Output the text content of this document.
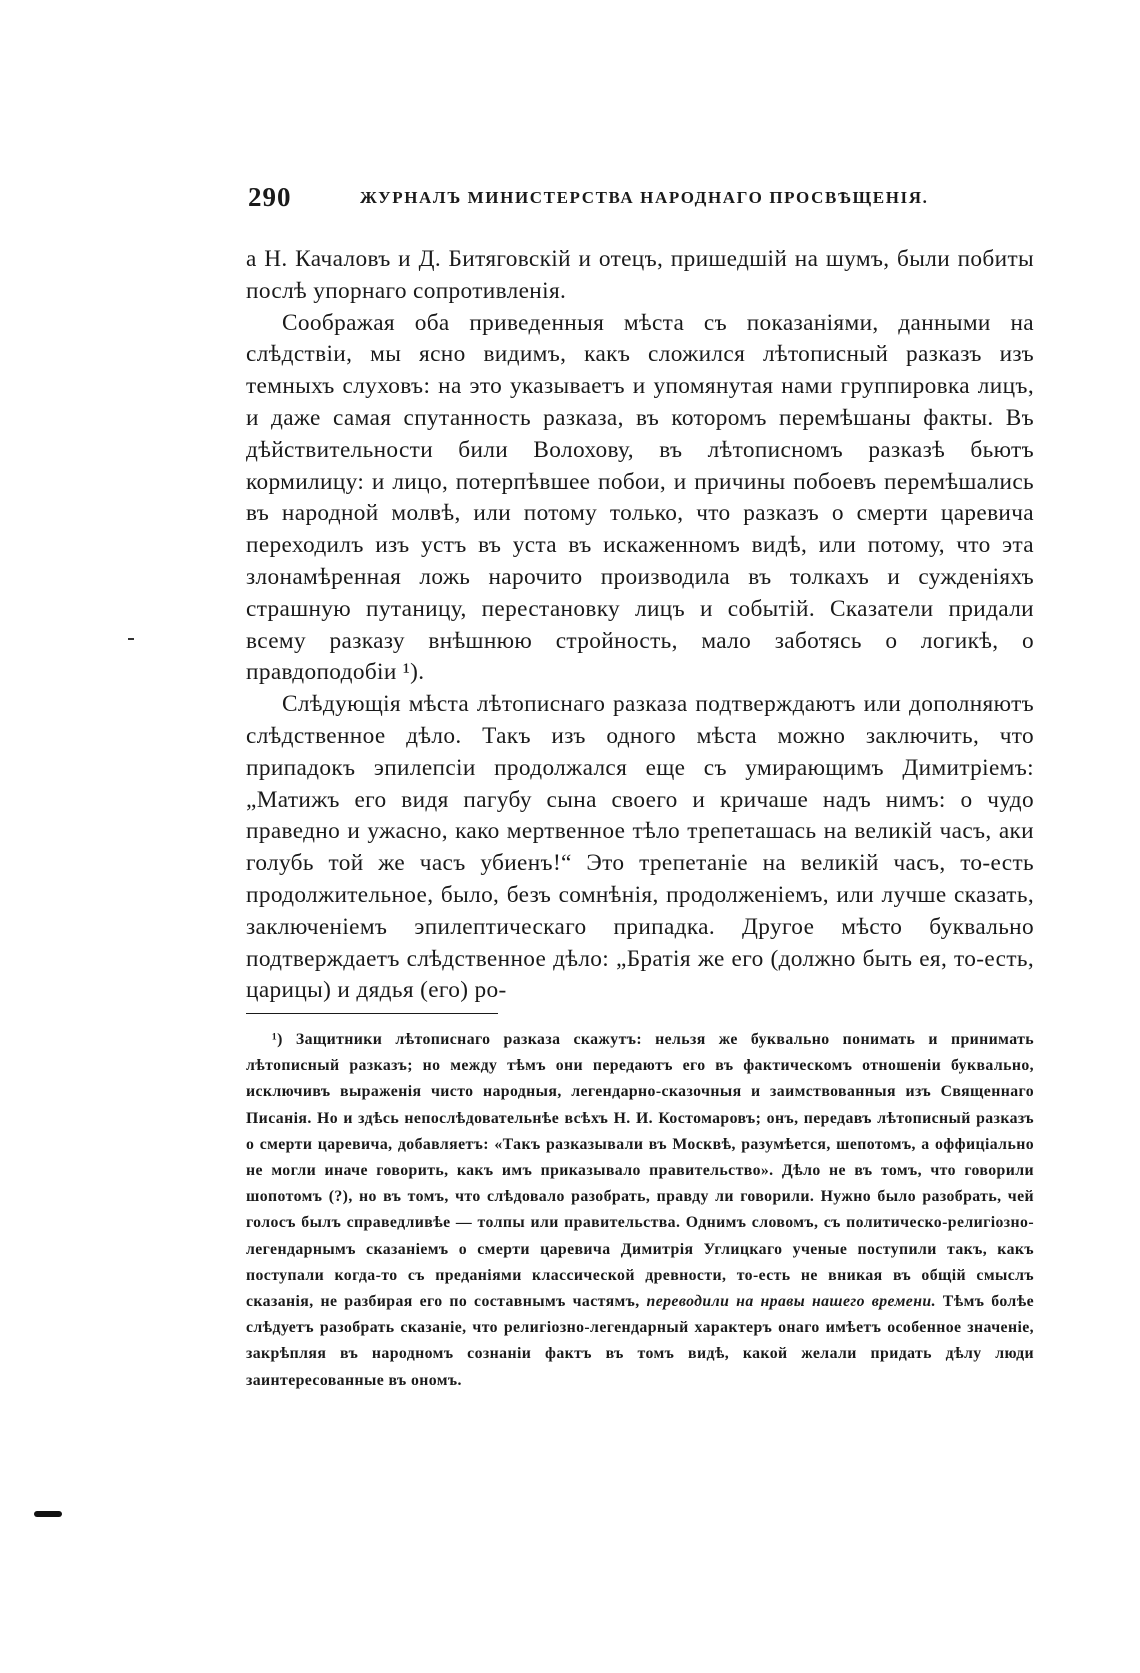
290	ЖУРНАЛЪ МИНИСТЕРСТВА НАРОДНАГО ПРОСВѢЩЕНІЯ.

а Н. Качаловъ и Д. Битяговскій и отецъ, пришедшій на шумъ, были побиты послѣ упорнаго сопротивленія.

Соображая оба приведенныя мѣста съ показаніями, данными на слѣдствіи, мы ясно видимъ, какъ сложился лѣтописный разказъ изъ темныхъ слуховъ: на это указываетъ и упомянутая нами группировка лицъ, и даже самая спутанность разказа, въ которомъ перемѣшаны факты. Въ дѣйствительности били Волохову, въ лѣтописномъ разказѣ бьютъ кормилицу: и лицо, потерпѣвшее побои, и причины побоевъ перемѣшались въ народной молвѣ, или потому только, что разказъ о смерти царевича переходилъ изъ устъ въ уста въ искаженномъ видѣ, или потому, что эта злонамѣренная ложь нарочито производила въ толкахъ и сужденіяхъ страшную путаницу, перестановку лицъ и событій. Сказатели придали всему разказу внѣшнюю стройность, мало заботясь о логикѣ, о правдоподобіи ¹).

Слѣдующія мѣста лѣтописнаго разказа подтверждаютъ или дополняютъ слѣдственное дѣло. Такъ изъ одного мѣста можно заключить, что припадокъ эпилепсіи продолжался еще съ умирающимъ Димитріемъ: „Матижъ его видя пагубу сына своего и кричаше надъ нимъ: о чудо праведно и ужасно, како мертвенное тѣло трепеташась на великій часъ, аки голубь той же часъ убиенъ!“ Это трепетаніе на великій часъ, то-есть продолжительное, было, безъ сомнѣнія, продолженіемъ, или лучше сказать, заключеніемъ эпилептическаго припадка. Другое мѣсто буквально подтверждаетъ слѣдственное дѣло: „Братія же его (должно быть ея, то-есть, царицы) и дядья (его) ро-

¹) Защитники лѣтописнаго разказа скажутъ: нельзя же буквально понимать и принимать лѣтописный разказъ; но между тѣмъ они передаютъ его въ фактическомъ отношеніи буквально, исключивъ выраженія чисто народныя, легендарно-сказочныя и заимствованныя изъ Священнаго Писанія. Но и здѣсь непослѣдовательнѣе всѣхъ Н. И. Костомаровъ; онъ, передавъ лѣтописный разказъ о смерти царевича, добавляетъ: «Такъ разказывали въ Москвѣ, разумѣется, шепотомъ, а оффиціально не могли иначе говорить, какъ имъ приказывало правительство». Дѣло не въ томъ, что говорили шопотомъ (?), но въ томъ, что слѣдовало разобрать, правду ли говорили. Нужно было разобрать, чей голосъ былъ справедливѣе — толпы или правительства. Однимъ словомъ, съ политическо-религіозно-легендарнымъ сказаніемъ о смерти царевича Димитрія Углицкаго ученые поступили такъ, какъ поступали когда-то съ преданіями классической древности, то-есть не вникая въ общій смыслъ сказанія, не разбирая его по составнымъ частямъ, переводили на нравы нашего времени. Тѣмъ болѣе слѣдуетъ разобрать сказаніе, что религіозно-легендарный характеръ онаго имѣетъ особенное значеніе, закрѣпляя въ народномъ сознаніи фактъ въ томъ видѣ, какой желали придать дѣлу люди заинтересованные въ ономъ.
